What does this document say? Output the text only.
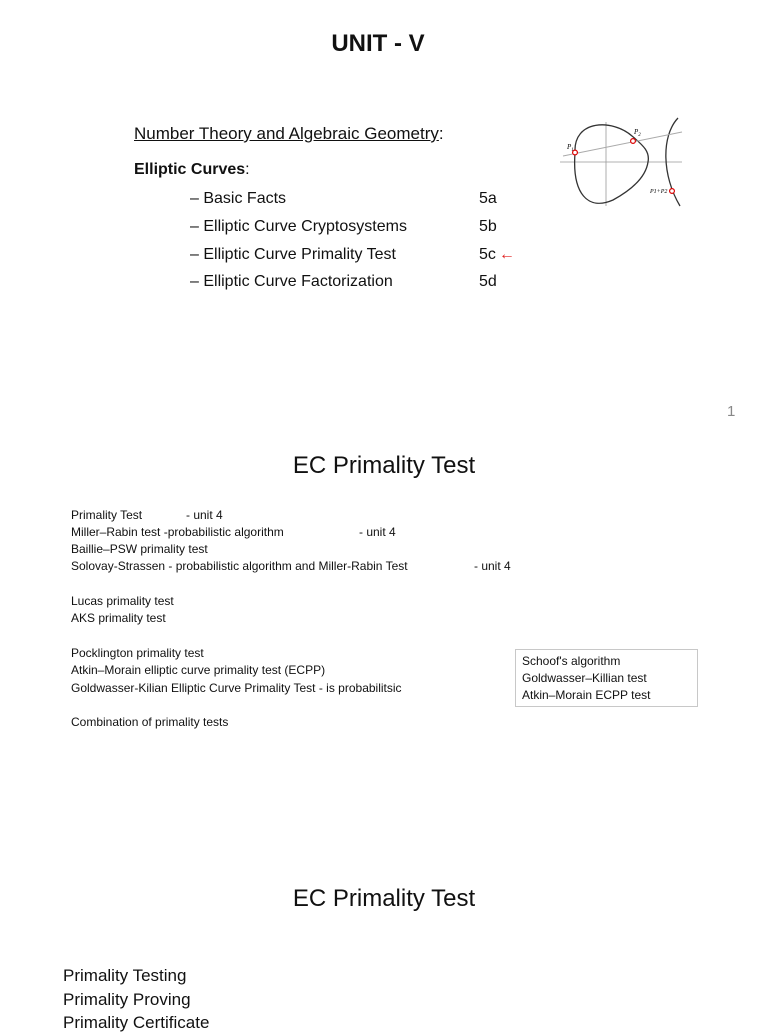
UNIT - V
Number Theory and Algebraic Geometry:
Elliptic Curves:
– Basic Facts	5a
– Elliptic Curve Cryptosystems	5b
– Elliptic Curve Primality Test	5c ←
– Elliptic Curve Factorization	5d
$P_1$
$P_2$
P1+P2
1
EC Primality Test
Primality Test	- unit 4
Miller–Rabin test -probabilistic algorithm	- unit 4
Baillie–PSW primality test
Solovay-Strassen - probabilistic algorithm and Miller-Rabin Test	- unit 4
Lucas primality test
AKS primality test
Pocklington primality test
Atkin–Morain elliptic curve primality test (ECPP)
Goldwasser-Kilian Elliptic Curve Primality Test - is probabilitsic
Combination of primality tests
Schoof's algorithm
Goldwasser–Killian test
Atkin–Morain ECPP test
EC Primality Test
Primality Testing
Primality Proving
Primality Certificate
